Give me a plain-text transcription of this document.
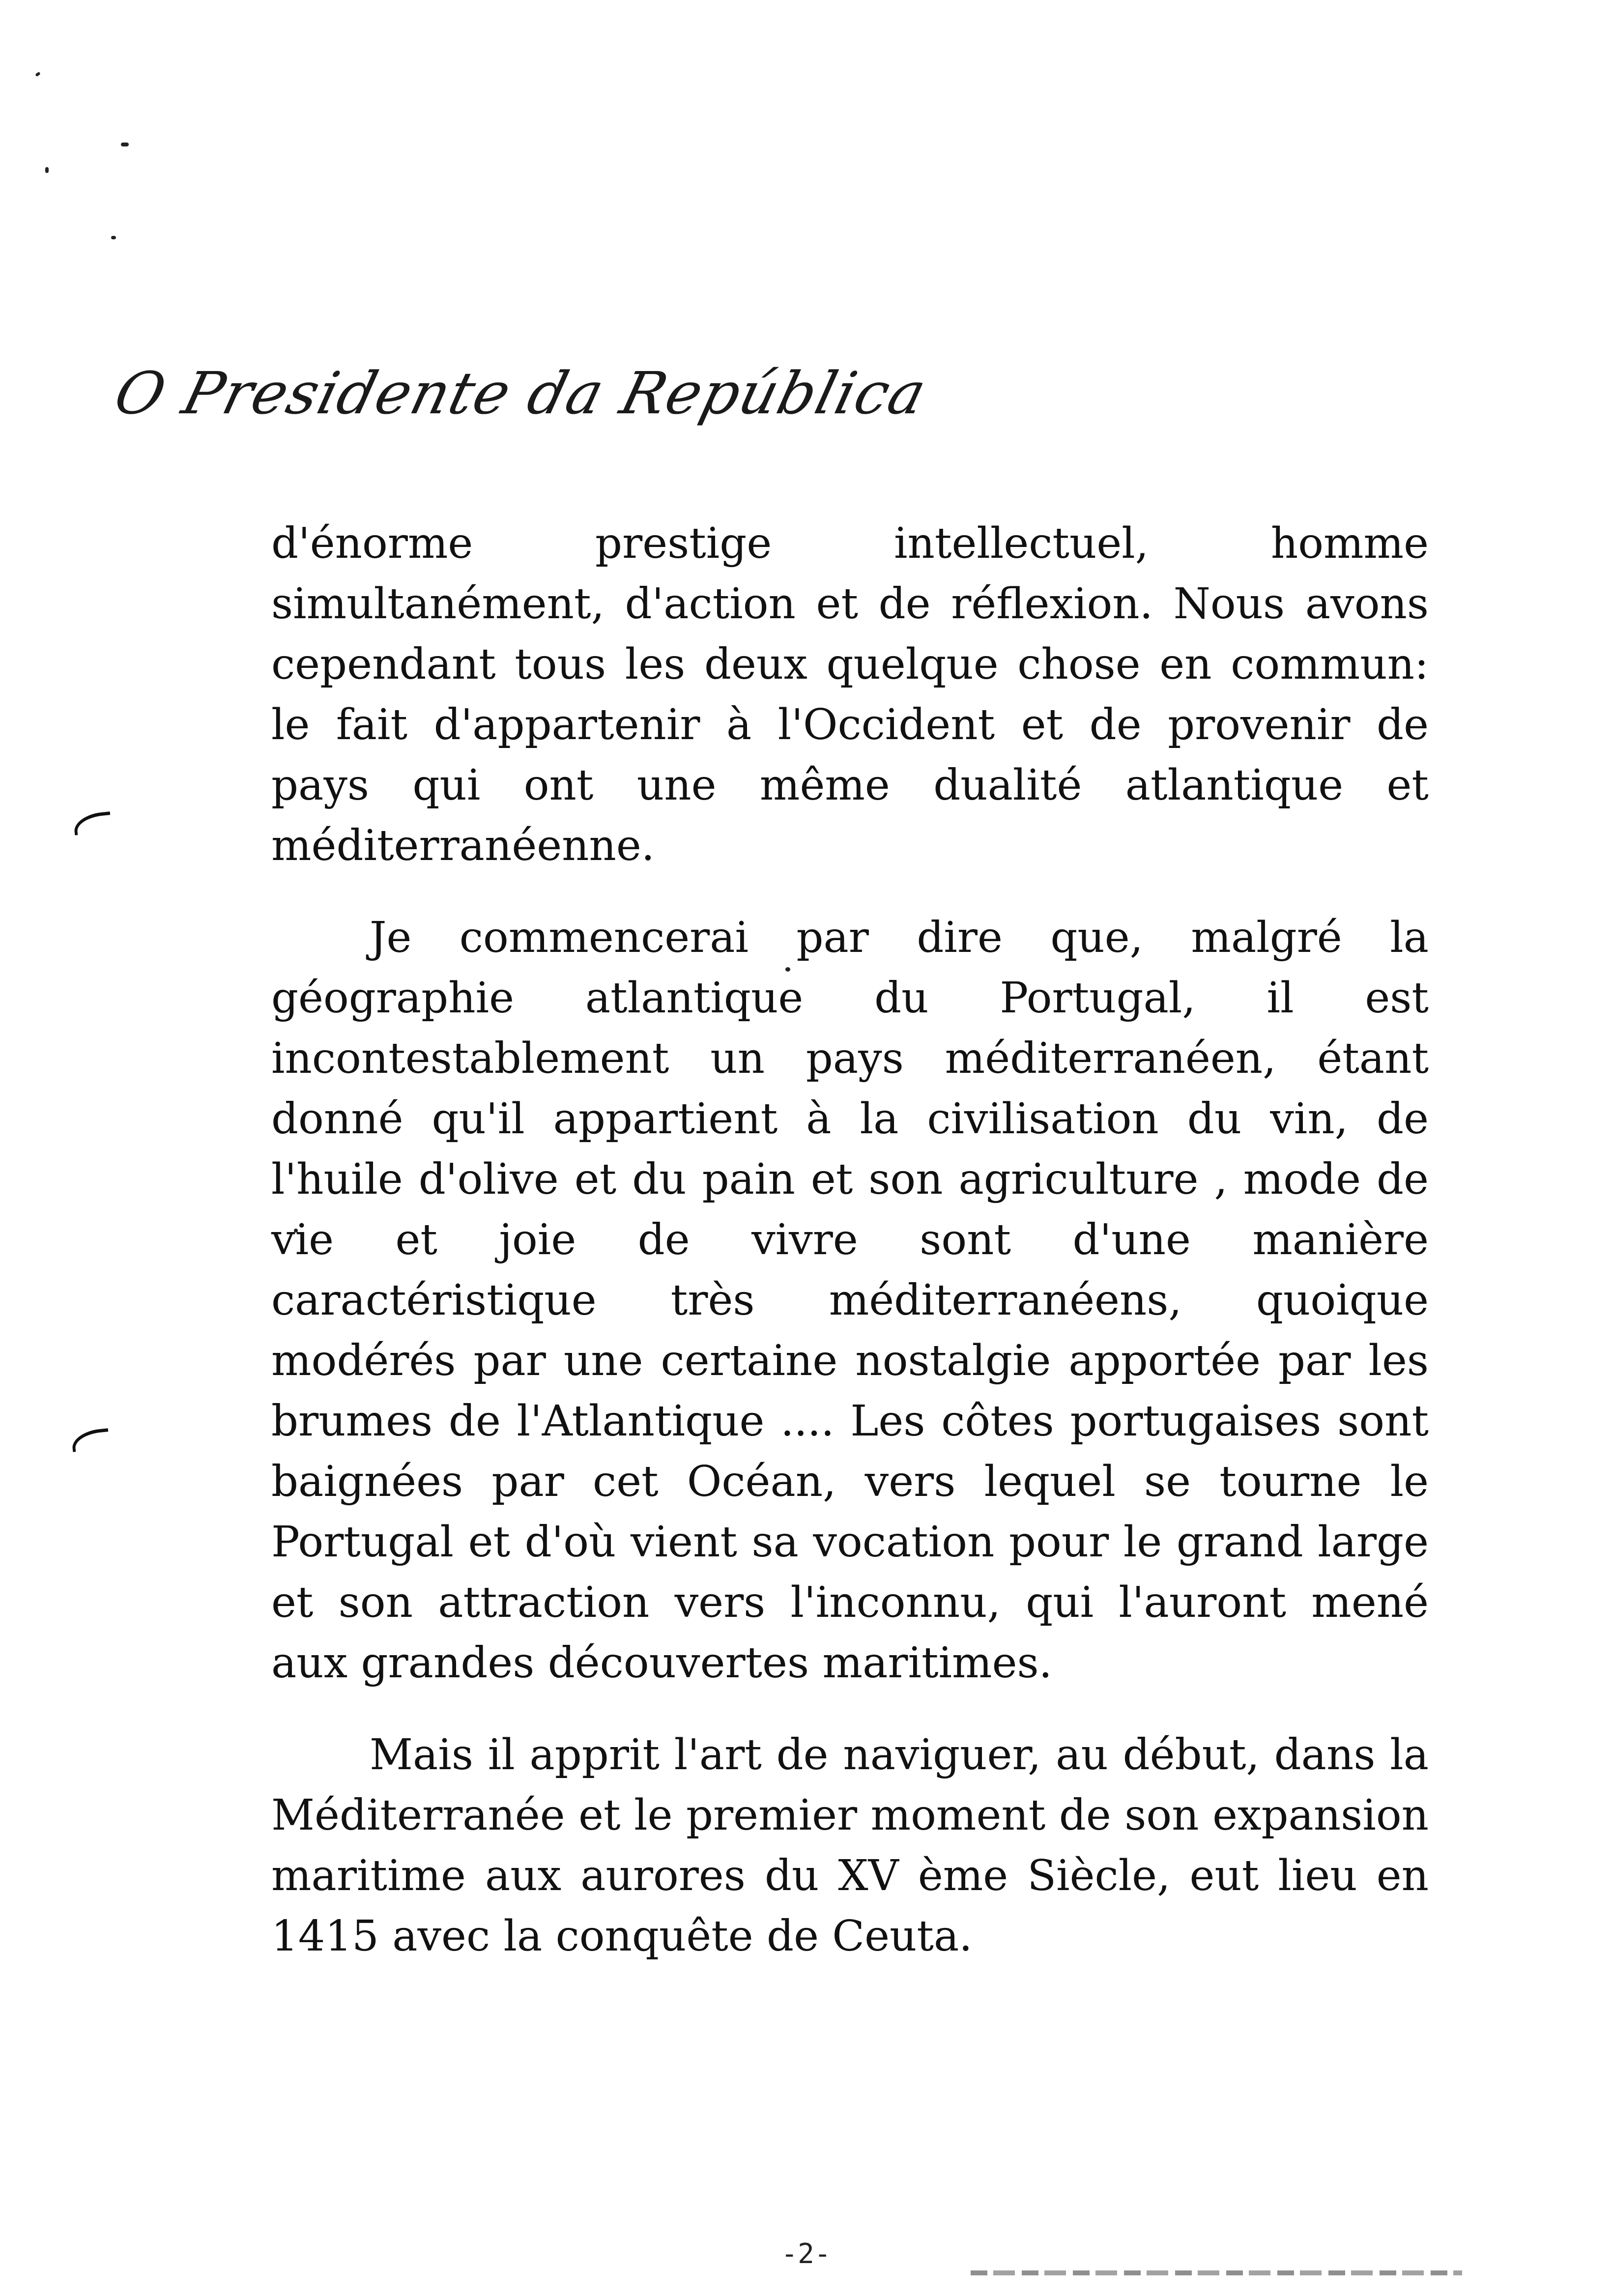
O Presidente da República

d'énorme prestige intellectuel, homme simultanément, d'action et de réflexion. Nous avons cependant tous les deux quelque chose en commun: le fait d'appartenir à l'Occident et de provenir de pays qui ont une même dualité atlantique et méditerranéenne.

Je commencerai par dire que, malgré la géographie atlantique du Portugal, il est incontestablement un pays méditerranéen, étant donné qu'il appartient à la civilisation du vin, de l'huile d'olive et du pain et son agriculture , mode de vie et joie de vivre sont d'une manière caractéristique très méditerranéens, quoique modérés par une certaine nostalgie apportée par les brumes de l'Atlantique .... Les côtes portugaises sont baignées par cet Océan, vers lequel se tourne le Portugal et d'où vient sa vocation pour le grand large et son attraction vers l'inconnu, qui l'auront mené aux grandes découvertes maritimes.

Mais il apprit l'art de naviguer, au début, dans la Méditerranée et le premier moment de son expansion maritime aux aurores du XV ème Siècle, eut lieu en 1415 avec la conquête de Ceuta.

-2-
